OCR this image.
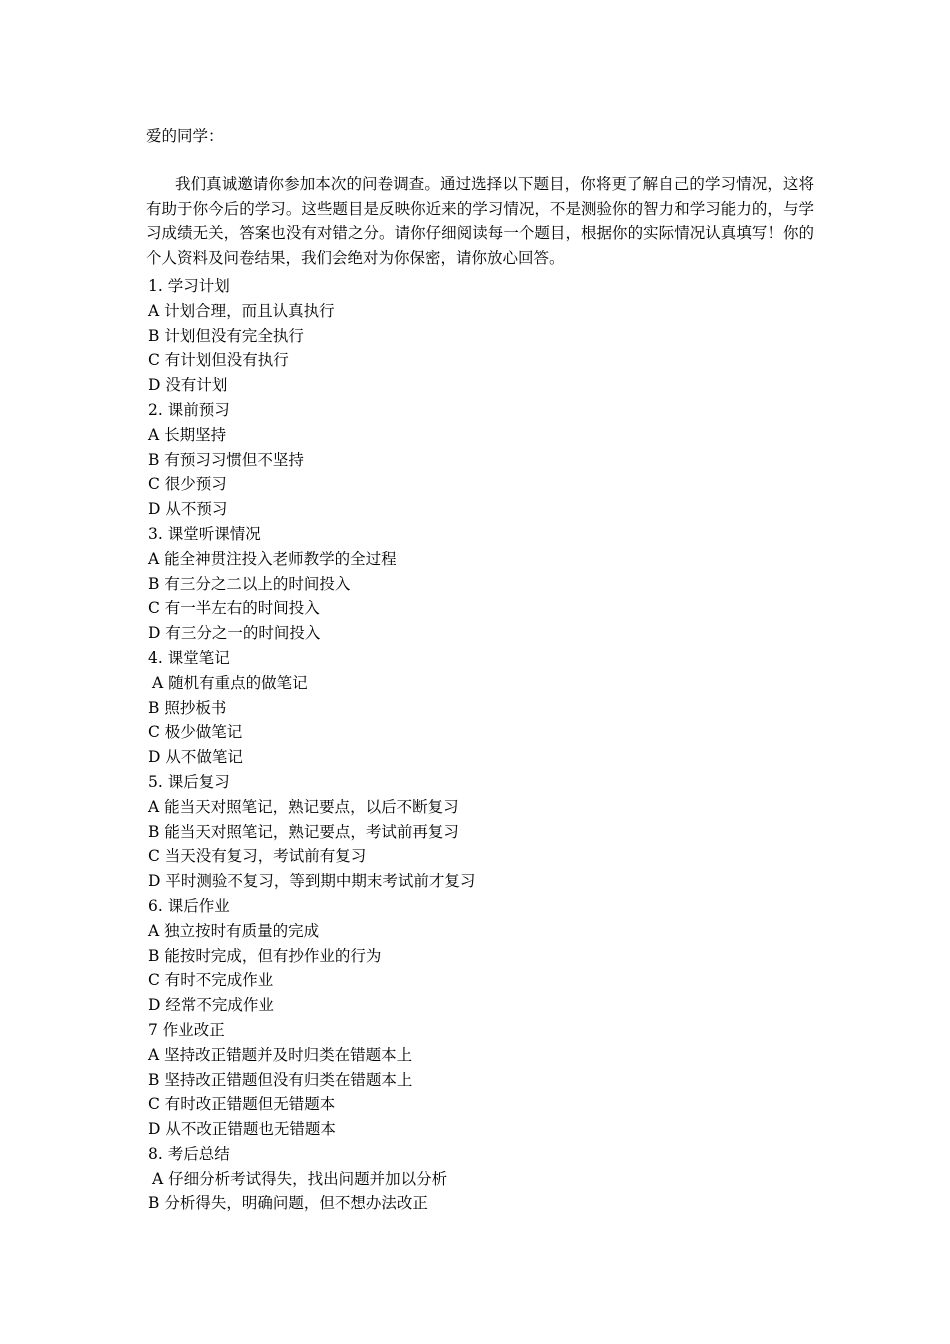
爱的同学：
我们真诚邀请你参加本次的问卷调查。通过选择以下题目，你将更了解自己的学习情况，这将有助于你今后的学习。这些题目是反映你近来的学习情况，不是测验你的智力和学习能力的，与学习成绩无关，答案也没有对错之分。请你仔细阅读每一个题目，根据你的实际情况认真填写！你的个人资料及问卷结果，我们会绝对为你保密，请你放心回答。
1. 学习计划
A 计划合理，而且认真执行
B 计划但没有完全执行
C 有计划但没有执行
D 没有计划
2. 课前预习
A 长期坚持
B 有预习习惯但不坚持
C 很少预习
D 从不预习
3. 课堂听课情况
A 能全神贯注投入老师教学的全过程
B 有三分之二以上的时间投入
C 有一半左右的时间投入
D 有三分之一的时间投入
4. 课堂笔记
A 随机有重点的做笔记
B 照抄板书
C 极少做笔记
D 从不做笔记
5. 课后复习
A 能当天对照笔记，熟记要点，以后不断复习
B 能当天对照笔记，熟记要点，考试前再复习
C 当天没有复习，考试前有复习
D 平时测验不复习，等到期中期末考试前才复习
6. 课后作业
A 独立按时有质量的完成
B 能按时完成，但有抄作业的行为
C 有时不完成作业
D 经常不完成作业
7 作业改正
A 坚持改正错题并及时归类在错题本上
B 坚持改正错题但没有归类在错题本上
C 有时改正错题但无错题本
D 从不改正错题也无错题本
8. 考后总结
A 仔细分析考试得失，找出问题并加以分析
B 分析得失，明确问题，但不想办法改正
